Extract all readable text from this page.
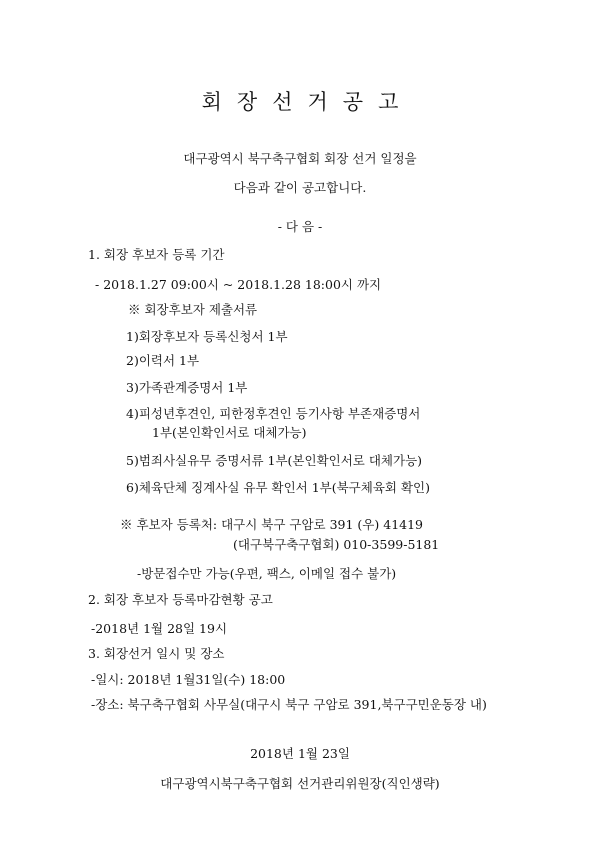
회장선거공고
대구광역시 북구축구협회 회장 선거 일정을
다음과 같이 공고합니다.
- 다 음 -
1. 회장 후보자 등록 기간
- 2018.1.27 09:00시 ~ 2018.1.28 18:00시 까지
※ 회장후보자 제출서류
1)회장후보자 등록신청서 1부
2)이력서 1부
3)가족관계증명서 1부
4)피성년후견인, 피한정후견인 등기사항 부존재증명서
1부(본인확인서로 대체가능)
5)범죄사실유무 증명서류 1부(본인확인서로 대체가능)
6)체육단체 징계사실 유무 확인서 1부(북구체육회 확인)
※ 후보자 등록처: 대구시 북구 구암로 391 (우) 41419
(대구북구축구협회) 010-3599-5181
-방문접수만 가능(우편, 팩스, 이메일 접수 불가)
2. 회장 후보자 등록마감현황 공고
-2018년 1월 28일 19시
3. 회장선거 일시 및 장소
-일시: 2018년 1월31일(수) 18:00
-장소: 북구축구협회 사무실(대구시 북구 구암로 391,북구구민운동장 내)
2018년 1월 23일
대구광역시북구축구협회 선거관리위원장(직인생략)
